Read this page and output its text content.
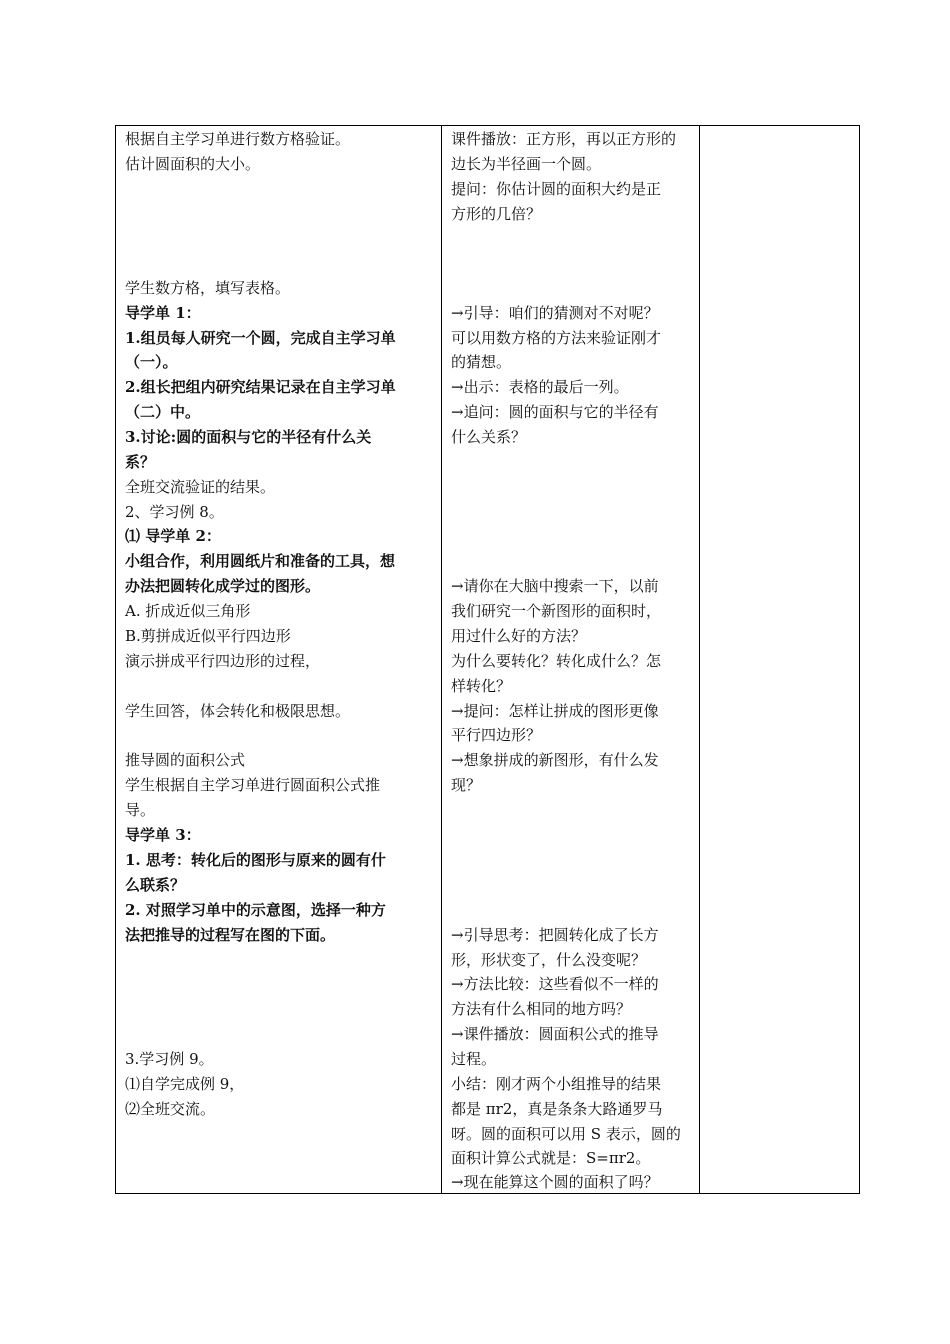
根据自主学习单进行数方格验证。
估计圆面积的大小。
学生数方格，填写表格。
导学单 1：
1.组员每人研究一个圆，完成自主学习单
（一）。
2.组长把组内研究结果记录在自主学习单
（二）中。
3.讨论:圆的面积与它的半径有什么关
系？
全班交流验证的结果。
2、学习例 8。
⑴ 导学单 2：
小组合作，利用圆纸片和准备的工具，想
办法把圆转化成学过的图形。
A. 折成近似三角形
B.剪拼成近似平行四边形
演示拼成平行四边形的过程，
学生回答，体会转化和极限思想。
推导圆的面积公式
学生根据自主学习单进行圆面积公式推
导。
导学单 3：
1. 思考：转化后的图形与原来的圆有什
么联系？
2. 对照学习单中的示意图，选择一种方
法把推导的过程写在图的下面。
3.学习例 9。
⑴自学完成例 9，
⑵全班交流。
课件播放：正方形，再以正方形的
边长为半径画一个圆。
提问：你估计圆的面积大约是正
方形的几倍？
→引导：咱们的猜测对不对呢？
可以用数方格的方法来验证刚才
的猜想。
→出示：表格的最后一列。
→追问：圆的面积与它的半径有
什么关系？
→请你在大脑中搜索一下，以前
我们研究一个新图形的面积时，
用过什么好的方法？
为什么要转化？转化成什么？怎
样转化？
→提问：怎样让拼成的图形更像
平行四边形？
→想象拼成的新图形，有什么发
现？
→引导思考：把圆转化成了长方
形，形状变了，什么没变呢？
→方法比较：这些看似不一样的
方法有什么相同的地方吗？
→课件播放：圆面积公式的推导
过程。
小结：刚才两个小组推导的结果
都是 πr2，真是条条大路通罗马
呀。圆的面积可以用 S 表示，圆的
面积计算公式就是：S=πr2。
→现在能算这个圆的面积了吗？
